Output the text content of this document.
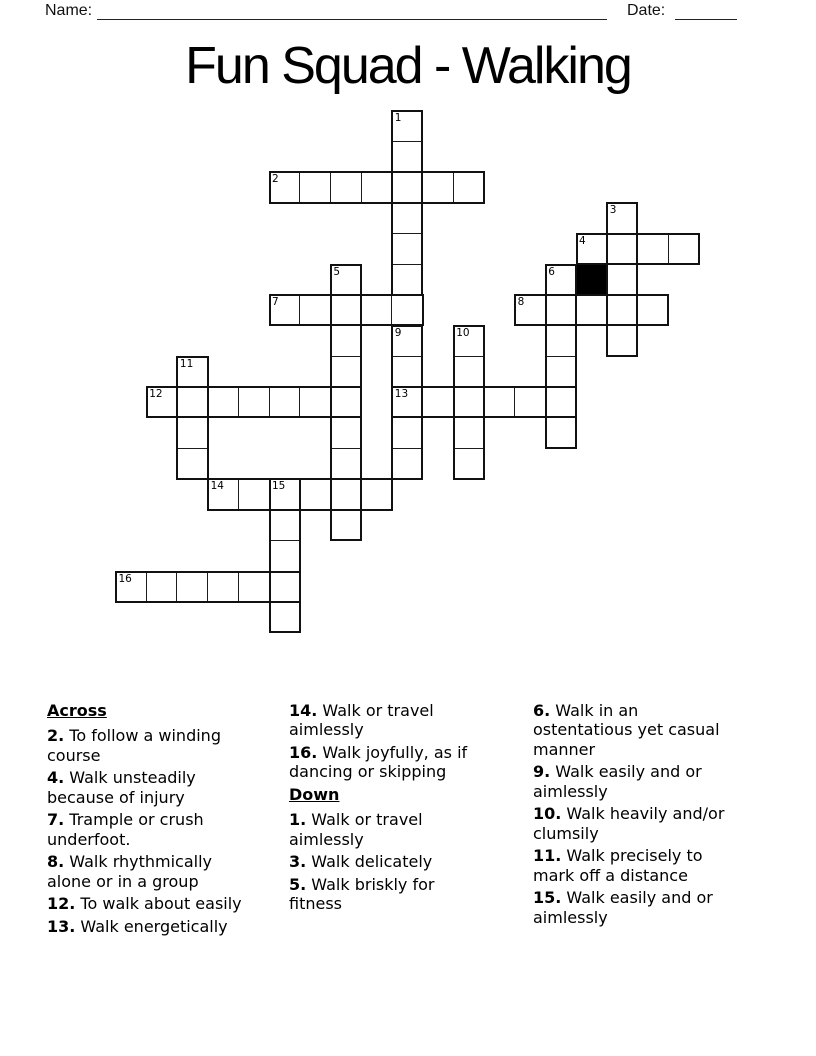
Name:	Date:
Fun Squad - Walking
1
2
3
4
5	6
7	8
9	10
11
12	13
14	15
16
Across
2. To follow a winding
course
4. Walk unsteadily
because of injury
7. Trample or crush
underfoot.
8. Walk rhythmically
alone or in a group
12. To walk about easily
13. Walk energetically
14. Walk or travel
aimlessly
16. Walk joyfully, as if
dancing or skipping
Down
1. Walk or travel
aimlessly
3. Walk delicately
5. Walk briskly for
fitness
6. Walk in an
ostentatious yet casual
manner
9. Walk easily and or
aimlessly
10. Walk heavily and/or
clumsily
11. Walk precisely to
mark off a distance
15. Walk easily and or
aimlessly
